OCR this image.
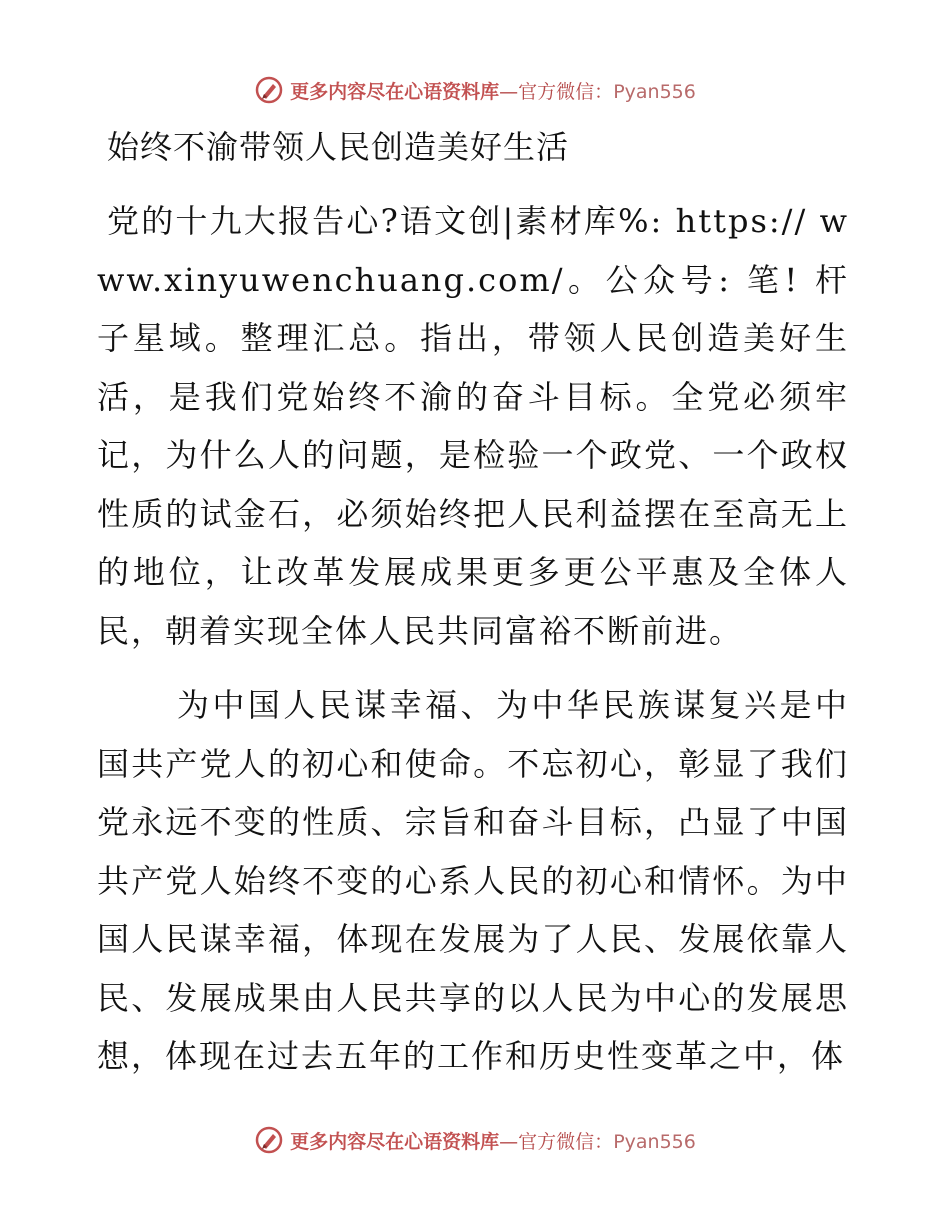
更多内容尽在心语资料库—官方微信：Pyan556
始终不渝带领人民创造美好生活

党的十九大报告心?语文创|素材库%: https:// www.xinyuwenchuang.com/。公众号: 笔! 杆子星域。整理汇总。指出，带领人民创造美好生活，是我们党始终不渝的奋斗目标。全党必须牢记，为什么人的问题，是检验一个政党、一个政权性质的试金石，必须始终把人民利益摆在至高无上的地位，让改革发展成果更多更公平惠及全体人民，朝着实现全体人民共同富裕不断前进。

为中国人民谋幸福、为中华民族谋复兴是中国共产党人的初心和使命。不忘初心，彰显了我们党永远不变的性质、宗旨和奋斗目标，凸显了中国共产党人始终不变的心系人民的初心和情怀。为中国人民谋幸福，体现在发展为了人民、发展依靠人民、发展成果由人民共享的以人民为中心的发展思想，体现在过去五年的工作和历史性变革之中，体

更多内容尽在心语资料库—官方微信：Pyan556
